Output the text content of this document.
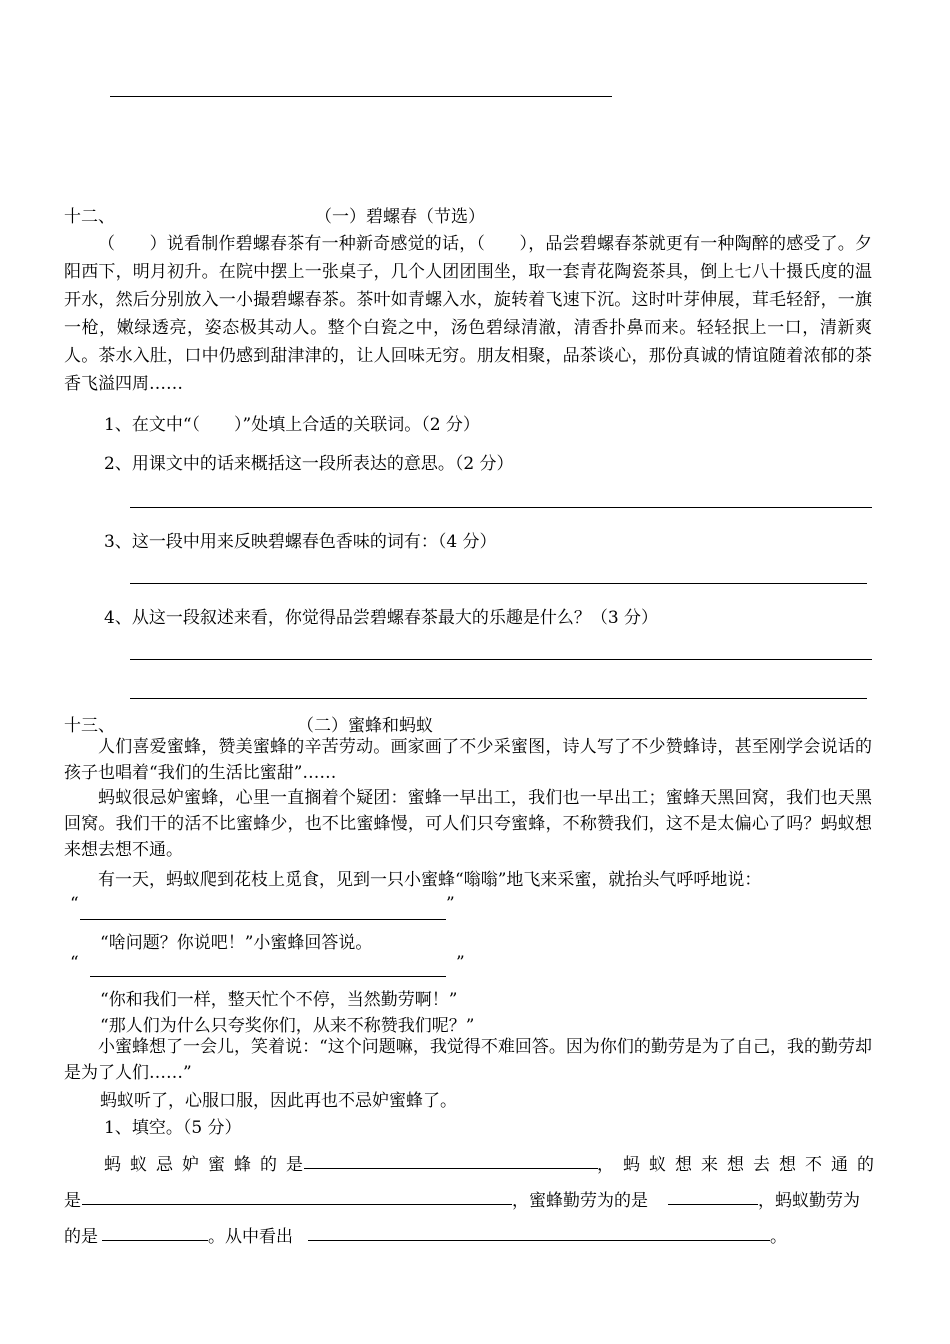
十二、	（一）碧螺春（节选）
（　　）说看制作碧螺春茶有一种新奇感觉的话，（　　），品尝碧螺春茶就更有一种陶醉的感受了。夕阳西下，明月初升。在院中摆上一张桌子，几个人团团围坐，取一套青花陶瓷茶具，倒上七八十摄氏度的温开水，然后分别放入一小撮碧螺春茶。茶叶如青螺入水，旋转着飞速下沉。这时叶芽伸展，茸毛轻舒，一旗一枪，嫩绿透亮，姿态极其动人。整个白瓷之中，汤色碧绿清澈，清香扑鼻而来。轻轻抿上一口，清新爽人。茶水入肚，口中仍感到甜津津的，让人回味无穷。朋友相聚，品茶谈心，那份真诚的情谊随着浓郁的茶香飞溢四周……
1、在文中“（　　）”处填上合适的关联词。（2 分）
2、用课文中的话来概括这一段所表达的意思。（2 分）
3、这一段中用来反映碧螺春色香味的词有：（4 分）
4、从这一段叙述来看，你觉得品尝碧螺春茶最大的乐趣是什么？（3 分）
十三、	（二）蜜蜂和蚂蚁
人们喜爱蜜蜂，赞美蜜蜂的辛苦劳动。画家画了不少采蜜图，诗人写了不少赞蜂诗，甚至刚学会说话的孩子也唱着“我们的生活比蜜甜”……
蚂蚁很忌妒蜜蜂，心里一直搁着个疑团：蜜蜂一早出工，我们也一早出工；蜜蜂天黑回窝，我们也天黑回窝。我们干的活不比蜜蜂少，也不比蜜蜂慢，可人们只夸蜜蜂，不称赞我们，这不是太偏心了吗？蚂蚁想来想去想不通。
有一天，蚂蚁爬到花枝上觅食，见到一只小蜜蜂“嗡嗡”地飞来采蜜，就抬头气呼呼地说：
“	”
“啥问题？你说吧！”小蜜蜂回答说。
“	”
“你和我们一样，整天忙个不停，当然勤劳啊！”
“那人们为什么只夸奖你们，从来不称赞我们呢？”
小蜜蜂想了一会儿，笑着说：“这个问题嘛，我觉得不难回答。因为你们的勤劳是为了自己，我的勤劳却是为了人们……”
蚂蚁听了，心服口服，因此再也不忌妒蜜蜂了。
1、填空。（5 分）
蚂蚁忌妒蜜蜂的是	，蚂蚁想来想去想不通的
是	，蜜蜂勤劳为的是	，蚂蚁勤劳为
的是	。从中看出	。
